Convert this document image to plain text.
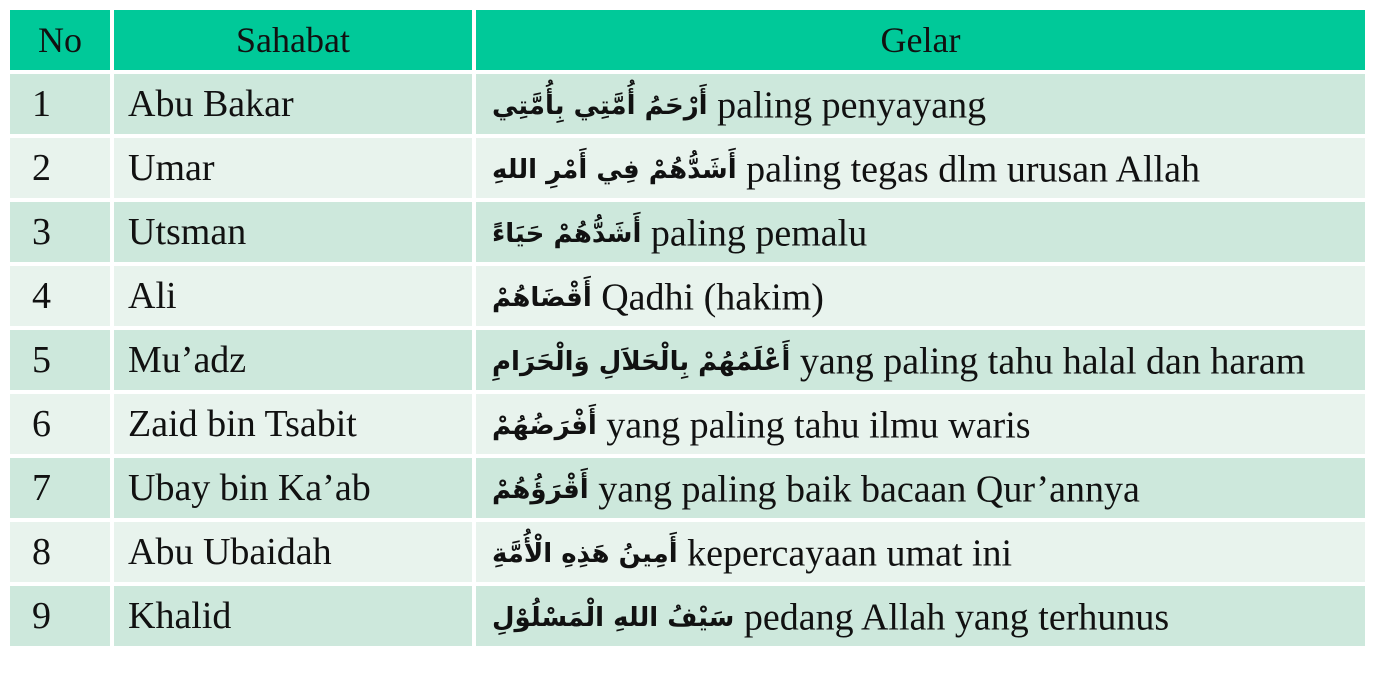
No	Sahabat	Gelar
1	Abu Bakar	أَرْحَمُ أُمَّتِي بِأُمَّتِي paling penyayang
2	Umar	أَشَدُّهُمْ فِي أَمْرِ اللهِ paling tegas dlm urusan Allah
3	Utsman	أَشَدُّهُمْ حَيَاءً paling pemalu
4	Ali	أَقْضَاهُمْ Qadhi (hakim)
5	Mu’adz	أَعْلَمُهُمْ بِالْحَلاَلِ وَالْحَرَامِ yang paling tahu halal dan haram
6	Zaid bin Tsabit	أَفْرَضُهُمْ yang paling tahu ilmu waris
7	Ubay bin Ka’ab	أَقْرَؤُهُمْ yang paling baik bacaan Qur’annya
8	Abu Ubaidah	أَمِينُ هَذِهِ الْأُمَّةِ kepercayaan umat ini
9	Khalid	سَيْفُ اللهِ الْمَسْلُوْلِ pedang Allah yang terhunus
